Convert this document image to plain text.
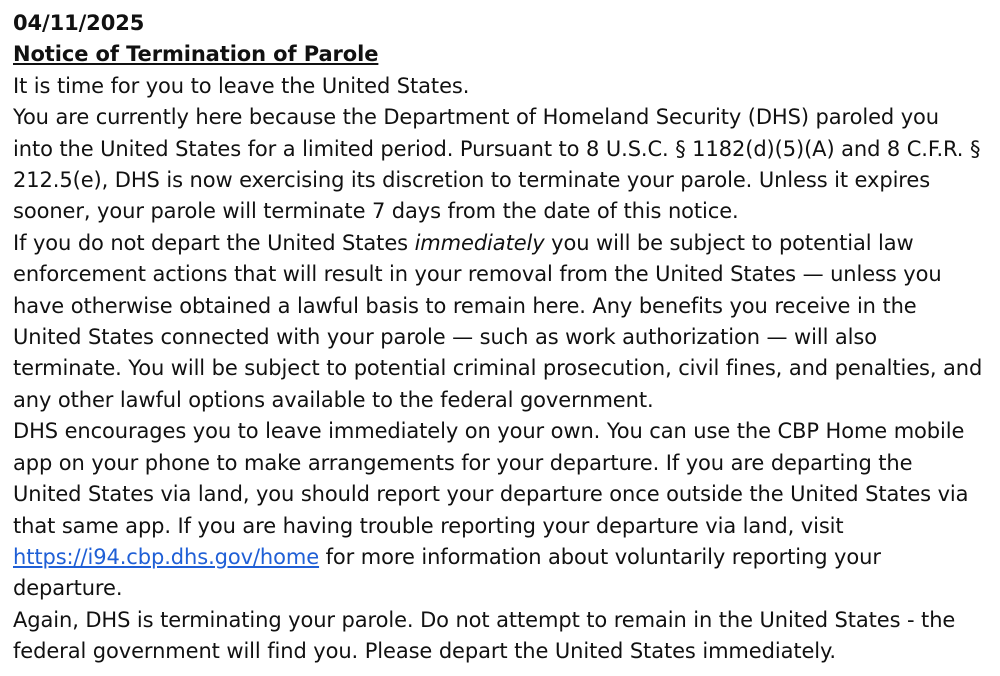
04/11/2025

Notice of Termination of Parole

It is time for you to leave the United States.

You are currently here because the Department of Homeland Security (DHS) paroled you into the United States for a limited period. Pursuant to 8 U.S.C. § 1182(d)(5)(A) and 8 C.F.R. § 212.5(e), DHS is now exercising its discretion to terminate your parole. Unless it expires sooner, your parole will terminate 7 days from the date of this notice.

If you do not depart the United States immediately you will be subject to potential law enforcement actions that will result in your removal from the United States — unless you have otherwise obtained a lawful basis to remain here. Any benefits you receive in the United States connected with your parole — such as work authorization — will also terminate. You will be subject to potential criminal prosecution, civil fines, and penalties, and any other lawful options available to the federal government.

DHS encourages you to leave immediately on your own. You can use the CBP Home mobile app on your phone to make arrangements for your departure. If you are departing the United States via land, you should report your departure once outside the United States via that same app. If you are having trouble reporting your departure via land, visit https://i94.cbp.dhs.gov/home for more information about voluntarily reporting your departure.

Again, DHS is terminating your parole. Do not attempt to remain in the United States - the federal government will find you. Please depart the United States immediately.
